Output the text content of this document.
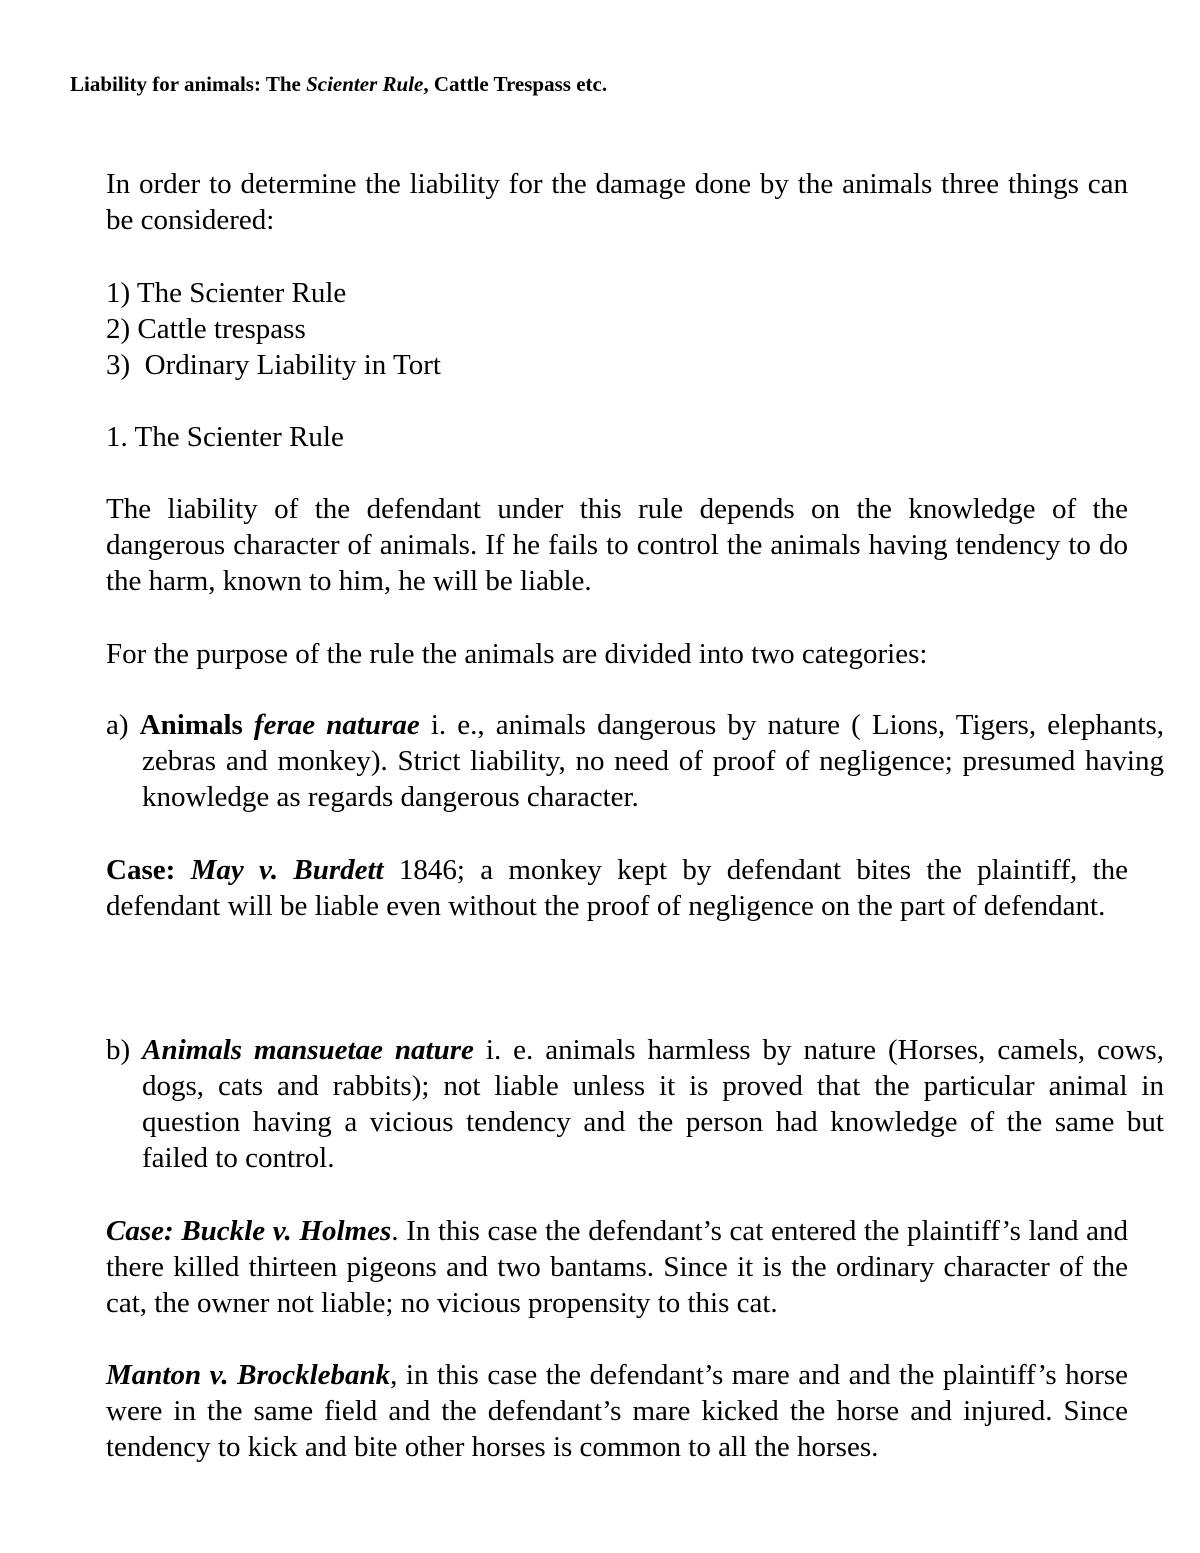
Liability for animals: The Scienter Rule, Cattle Trespass etc.

In order to determine the liability for the damage done by the animals three things can be considered:

1) The Scienter Rule

2) Cattle trespass

3)  Ordinary Liability in Tort

1. The Scienter Rule

The liability of the defendant under this rule depends on the knowledge of the dangerous character of animals. If he fails to control the animals having tendency to do the harm, known to him, he will be liable.

For the purpose of the rule the animals are divided into two categories:

a) Animals ferae naturae i. e., animals dangerous by nature ( Lions, Tigers, elephants, zebras and monkey). Strict liability, no need of proof of negligence; presumed having knowledge as regards dangerous character.

Case: May v. Burdett 1846; a monkey kept by defendant bites the plaintiff, the defendant will be liable even without the proof of negligence on the part of defendant.

b) Animals mansuetae nature i. e. animals harmless by nature (Horses, camels, cows, dogs, cats and rabbits); not liable unless it is proved that the particular animal in question having a vicious tendency and the person had knowledge of the same but failed to control.

Case: Buckle v. Holmes. In this case the defendant’s cat entered the plaintiff’s land and there killed thirteen pigeons and two bantams. Since it is the ordinary character of the cat, the owner not liable; no vicious propensity to this cat.

Manton v. Brocklebank, in this case the defendant’s mare and and the plaintiff’s horse were in the same field and the defendant’s mare kicked the horse and injured. Since tendency to kick and bite other horses is common to all the horses.
